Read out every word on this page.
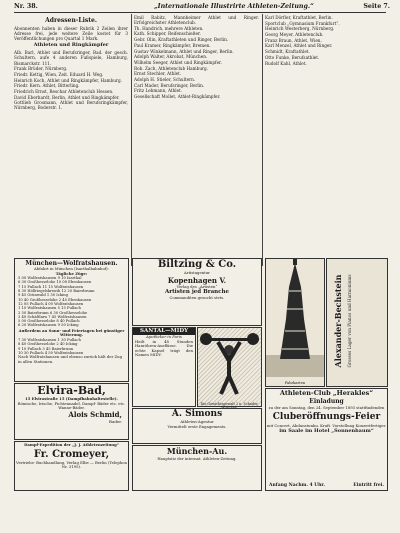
Nr. 38.	„Internationale Illustrirte Athleten-Zeitung.“	Seite 7.
Adressen-Liste.

Abonnenten haben in dieser Rubrik 2 Zeilen ihrer Adresse frei, jede weitere Zeile kostet für 3 Veröffentlichungen pro Quartal 1 Mark.

Athleten und Ringkämpfer

Alb. Barl, Athlet und Berufsringer, Bad. der gesch. Schultern, aufe 4 anderen Fußspiele, Hamburg, Bismarckstr. 111.

Frank Brüder, Nürnberg.

Friedr. Kettig, Wien, Zeit. Eduard H. Weg.

Heinrich Koch, Athlet und Ringkämpfer, Hamburg.

Friedr. Kern. Athlet, Bitterling.

Friedrich Ernst, Reschar Athletenclub Hessen.

David Eberhardt, Berlin, Athlet und Ringkämpfer.

Gottlieb Grosmann, Athlet und Berufsringkämpfer, Nürnberg, Boderstr. 1.

Emil Rabitz, Mannheimer Athlet und Ringer. Erfolgreichster Athletenclub.

Th. Handrich, mehrere Athleten.

Kath. Schipper, Reifenschießer.

Gebr. Olin, Kraftathleten und Ringer, Berlin.

Paul Kramer, Ringkämpfer, Bremen.

Gustav Winkelmann, Athlet und Ringer, Berlin.

Adolph Walter, Akrobat, München.

Wilhelm Seeger, Athlet und Ringkämpfer.

Rob. Zach, Athletenclub Hamburg.

Ernst Stechler, Athlet.

Adolph H. Stieler, Schultern.

Carl Mader, Berufsringer, Berlin.

Fritz Lehmann, Athlet.

Gesellschaft Mollet, Athlet-Ringkämpfer.

Karl Dörfler, Kraftathlet, Berlin.

Sportclub „Gymnasium Frankfurt“.

Heinrich Westerberg, Nürnberg.

Georg Meyer, Athletenclub.

Franz Braun, Athlet, Wien.

Karl Menzel, Athlet und Ringer.

Schmidt, Kraftathlet.

Otto Funke, Berufsathlet.

Rudolf Kahl, Athlet.

München—Wolfratshausen.
Abfahrt in München (Isarthalbahnhof):
Tägliche Züge:
5 00 Wolfratshausen 9 10 Isarthal
6 30 Großhesselohe 10 08 Ebenhausen
7 15 Pullach 11 15 Wolfratshausen
8 30 Höllriegelskreuth 12 20 Baierbrunn
9 45 Grünwald 1 30 Icking
10 40 Großhesselohe 2 45 Ebenhausen
12 05 Pullach 4 00 Wolfratshausen
1 10 Wolfratshausen 5 15 Pullach
2 50 Baierbrunn 6 30 Großhesselohe
3 40 Schäftlarn 7 45 Wolfratshausen
5 00 Großhesselohe 8 40 Pullach
6 20 Wolfratshausen 9 50 Icking
Außerdem an Sonn- und Feiertagen bei günstiger Witterung.
7 30 Wolfratshausen 1 30 Pullach
8 40 Großhesselohe 2 40 Icking
9 10 Pullach 3 45 Baierbrunn
10 30 Pullach 4 50 Wolfratshausen
Nach Wolfratshausen und ebenso zurück hält der Zug in allen Stationen.
Elvira-Bad,
15 Elvirastraße 15 (Dampfbahnhaltestelle).
Römische, Irische, Fichtennadel, Dampf- Bäder etc. etc. Wanne-Bäder.
Alois Schmid,
Bader.
Dampf-Expedition der „J. J. Athletenzeitung“
Fr. Cromeyer,
Vertriebs- Buchhandlung, Verlag Elbe — Berlin (Telephon Nr. 3195).
Biltzing & Co.
Artistagentur
Kopenhagen V.
Verlag des „Artisten“
Artisten jed Branche
Commanditen gesucht stets.
SANTAL—MIDY
Apotheker in Paris
Heilt in 48 Stunden Hanröhren-Ausflüsse. Die echte Kapsel trägt den Namen MIDY.
Die Gewichtsgewalt 2 n. Schader, Mönchen.
A. Simons
Athleten-Agentur
Vermittelt erste Engagements.
München-Au.
Hauptsitz der internat. Athleten-Zeitung.
Fahrkarten
Alexander-Bechstein Grosses Lager von Pianos und Harmoniums
Athleten-Club „Herakles“
Einladung
zu der am Sonntag, den 24. September 1893 stattfindenden
Cluberöffnungs-Feier
mit Concert, Abdunstunku. Kraft. Vorstellung Konzertfertiger.
im Saale im Hotel „Sonnenbaum“
Anfang Nachm. 4 Uhr.	Eintritt frei.
